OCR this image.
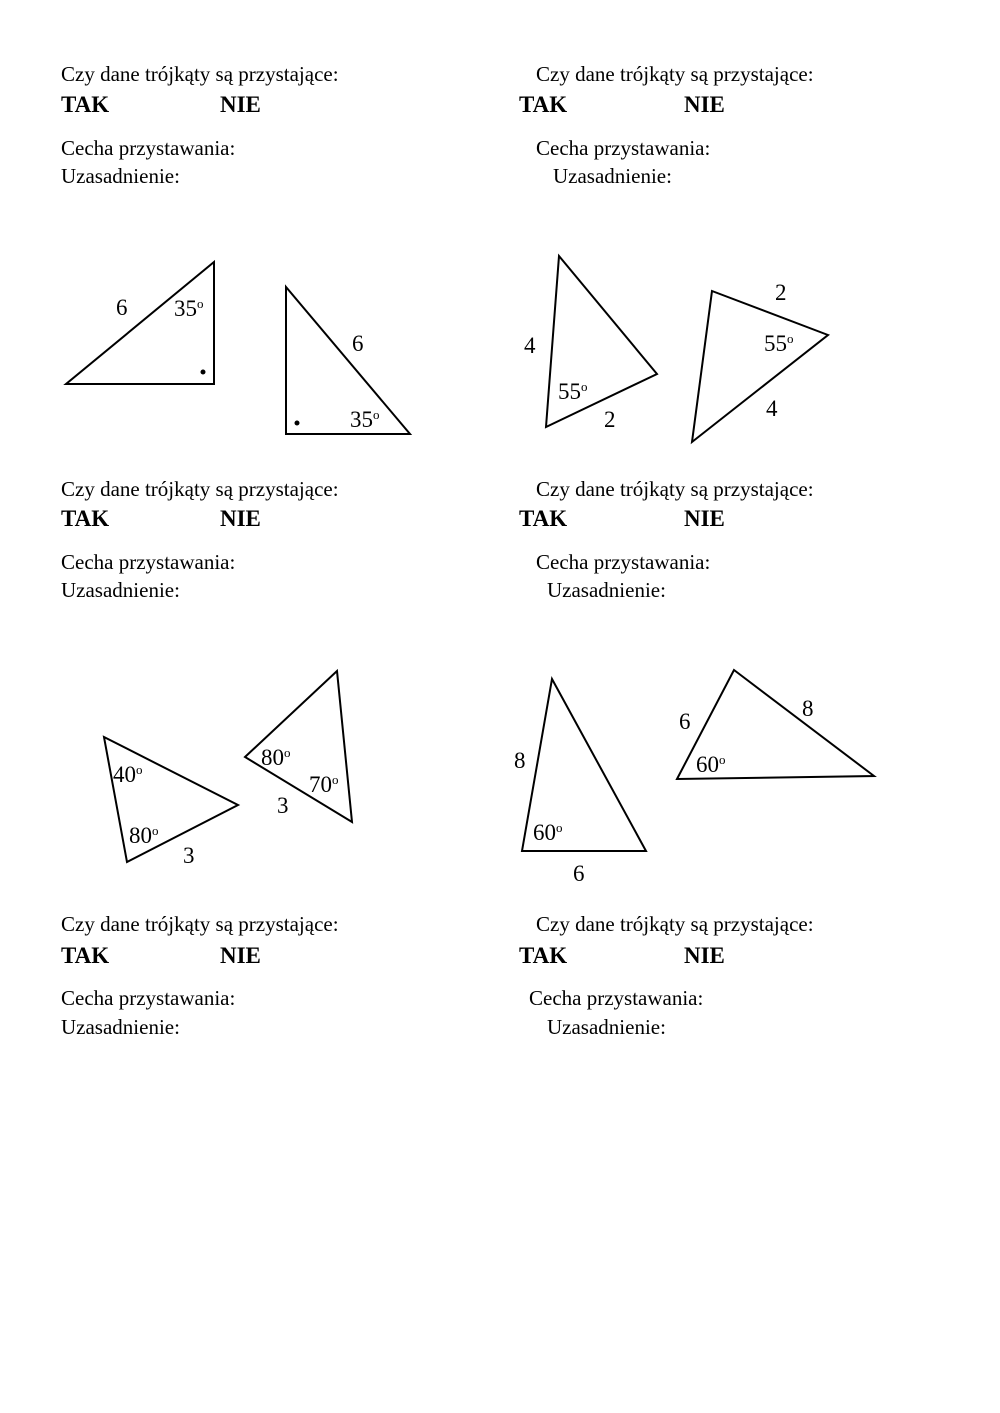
Czy dane trójkąty są przystające:
TAK	NIE
Cecha przystawania:
Uzasadnienie:
Czy dane trójkąty są przystające:
TAK	NIE
Cecha przystawania:
Uzasadnienie:
Czy dane trójkąty są przystające:
TAK	NIE
Cecha przystawania:
Uzasadnienie:
Czy dane trójkąty są przystające:
TAK	NIE
Cecha przystawania:
Uzasadnienie:
Czy dane trójkąty są przystające:
TAK	NIE
Cecha przystawania:
Uzasadnienie:
Czy dane trójkąty są przystające:
TAK	NIE
Cecha przystawania:
Uzasadnienie:
6 35$^o$
6
35$^o$
4
55$^o$
2
2
55$^o$
4
40$^o$
80$^o$
3
80$^o$
70$^o$
3
8
60$^o$
6
6
8
60$^o$
